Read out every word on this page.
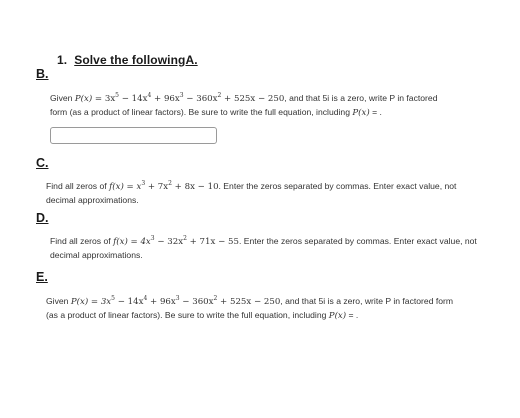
1. Solve the followingA.
B.

Given $P(x) = 3x^5 - 14x^4 + 96x^3 - 360x^2 + 525x - 250$, and that 5i is a zero, write P in factored form (as a product of linear factors). Be sure to write the full equation, including P(x) = .

C.

Find all zeros of $f(x) = x^3 + 7x^2 + 8x - 10$. Enter the zeros separated by commas. Enter exact value, not decimal approximations.

D.

Find all zeros of $f(x) = 4x^3 - 32x^2 + 71x - 55$. Enter the zeros separated by commas. Enter exact value, not decimal approximations.

E.

Given $P(x) = 3x^5 - 14x^4 + 96x^3 - 360x^2 + 525x - 250$, and that 5i is a zero, write P in factored form (as a product of linear factors). Be sure to write the full equation, including P(x) = .
